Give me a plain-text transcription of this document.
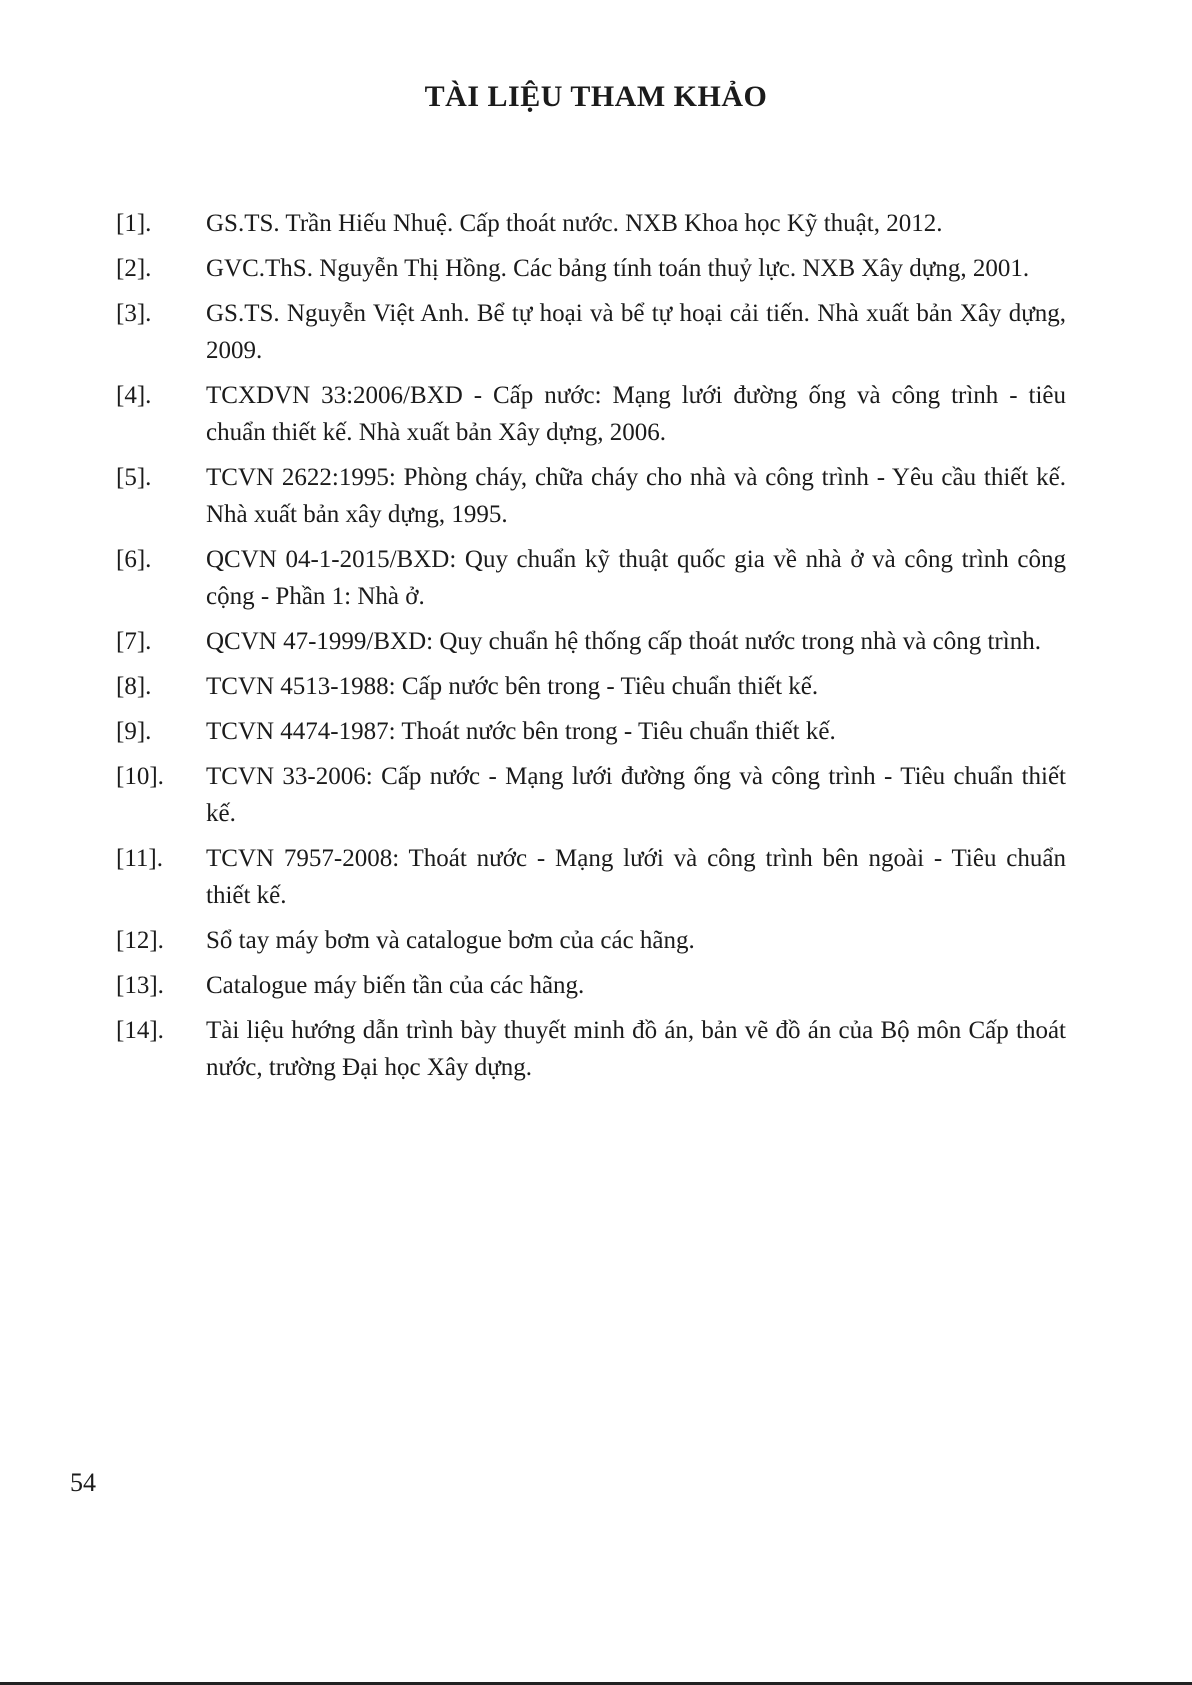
TÀI LIỆU THAM KHẢO
[1].	GS.TS. Trần Hiếu Nhuệ. Cấp thoát nước. NXB Khoa học Kỹ thuật, 2012.
[2].	GVC.ThS. Nguyễn Thị Hồng. Các bảng tính toán thuỷ lực. NXB Xây dựng, 2001.
[3].	GS.TS. Nguyễn Việt Anh. Bể tự hoại và bể tự hoại cải tiến. Nhà xuất bản Xây dựng, 2009.
[4].	TCXDVN 33:2006/BXD - Cấp nước: Mạng lưới đường ống và công trình - tiêu chuẩn thiết kế. Nhà xuất bản Xây dựng, 2006.
[5].	TCVN 2622:1995: Phòng cháy, chữa cháy cho nhà và công trình - Yêu cầu thiết kế. Nhà xuất bản xây dựng, 1995.
[6].	QCVN 04-1-2015/BXD: Quy chuẩn kỹ thuật quốc gia về nhà ở và công trình công cộng - Phần 1: Nhà ở.
[7].	QCVN 47-1999/BXD: Quy chuẩn hệ thống cấp thoát nước trong nhà và công trình.
[8].	TCVN 4513-1988: Cấp nước bên trong - Tiêu chuẩn thiết kế.
[9].	TCVN 4474-1987: Thoát nước bên trong - Tiêu chuẩn thiết kế.
[10].	TCVN 33-2006: Cấp nước - Mạng lưới đường ống và công trình - Tiêu chuẩn thiết kế.
[11].	TCVN 7957-2008: Thoát nước - Mạng lưới và công trình bên ngoài - Tiêu chuẩn thiết kế.
[12].	Sổ tay máy bơm và catalogue bơm của các hãng.
[13].	Catalogue máy biến tần của các hãng.
[14].	Tài liệu hướng dẫn trình bày thuyết minh đồ án, bản vẽ đồ án của Bộ môn Cấp thoát nước, trường Đại học Xây dựng.
54
